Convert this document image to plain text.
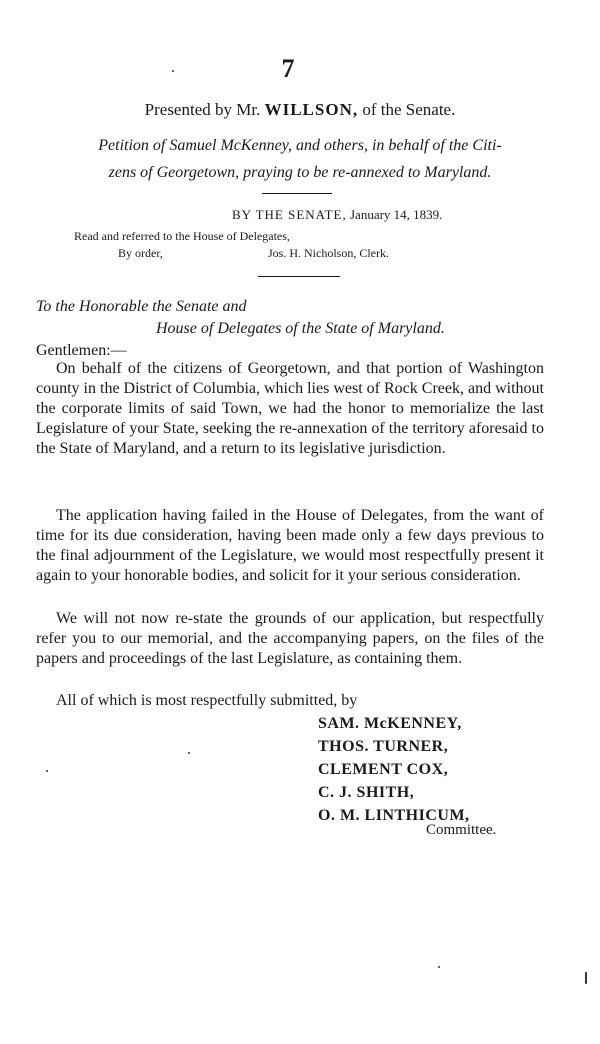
7
Presented by Mr. WILLSON, of the Senate.
Petition of Samuel McKenney, and others, in behalf of the Citi-
zens of Georgetown, praying to be re-annexed to Maryland.
BY THE SENATE, January 14, 1839.
Read and referred to the House of Delegates,
By order,	Jos. H. Nicholson, Clerk.
To the Honorable the Senate and
House of Delegates of the State of Maryland.
Gentlemen:—

On behalf of the citizens of Georgetown, and that portion of Washington county in the District of Columbia, which lies west of Rock Creek, and without the corporate limits of said Town, we had the honor to memorialize the last Legislature of your State, seeking the re-annexation of the territory aforesaid to the State of Maryland, and a return to its legislative jurisdiction.

The application having failed in the House of Delegates, from the want of time for its due consideration, having been made only a few days previous to the final adjournment of the Legislature, we would most respectfully present it again to your honorable bodies, and solicit for it your serious consideration.

We will not now re-state the grounds of our application, but respectfully refer you to our memorial, and the accompanying papers, on the files of the papers and proceedings of the last Legislature, as containing them.

All of which is most respectfully submitted, by

SAM. McKENNEY,
THOS. TURNER,
CLEMENT COX,
C. J. SHITH,
O. M. LINTHICUM,
Committee.
